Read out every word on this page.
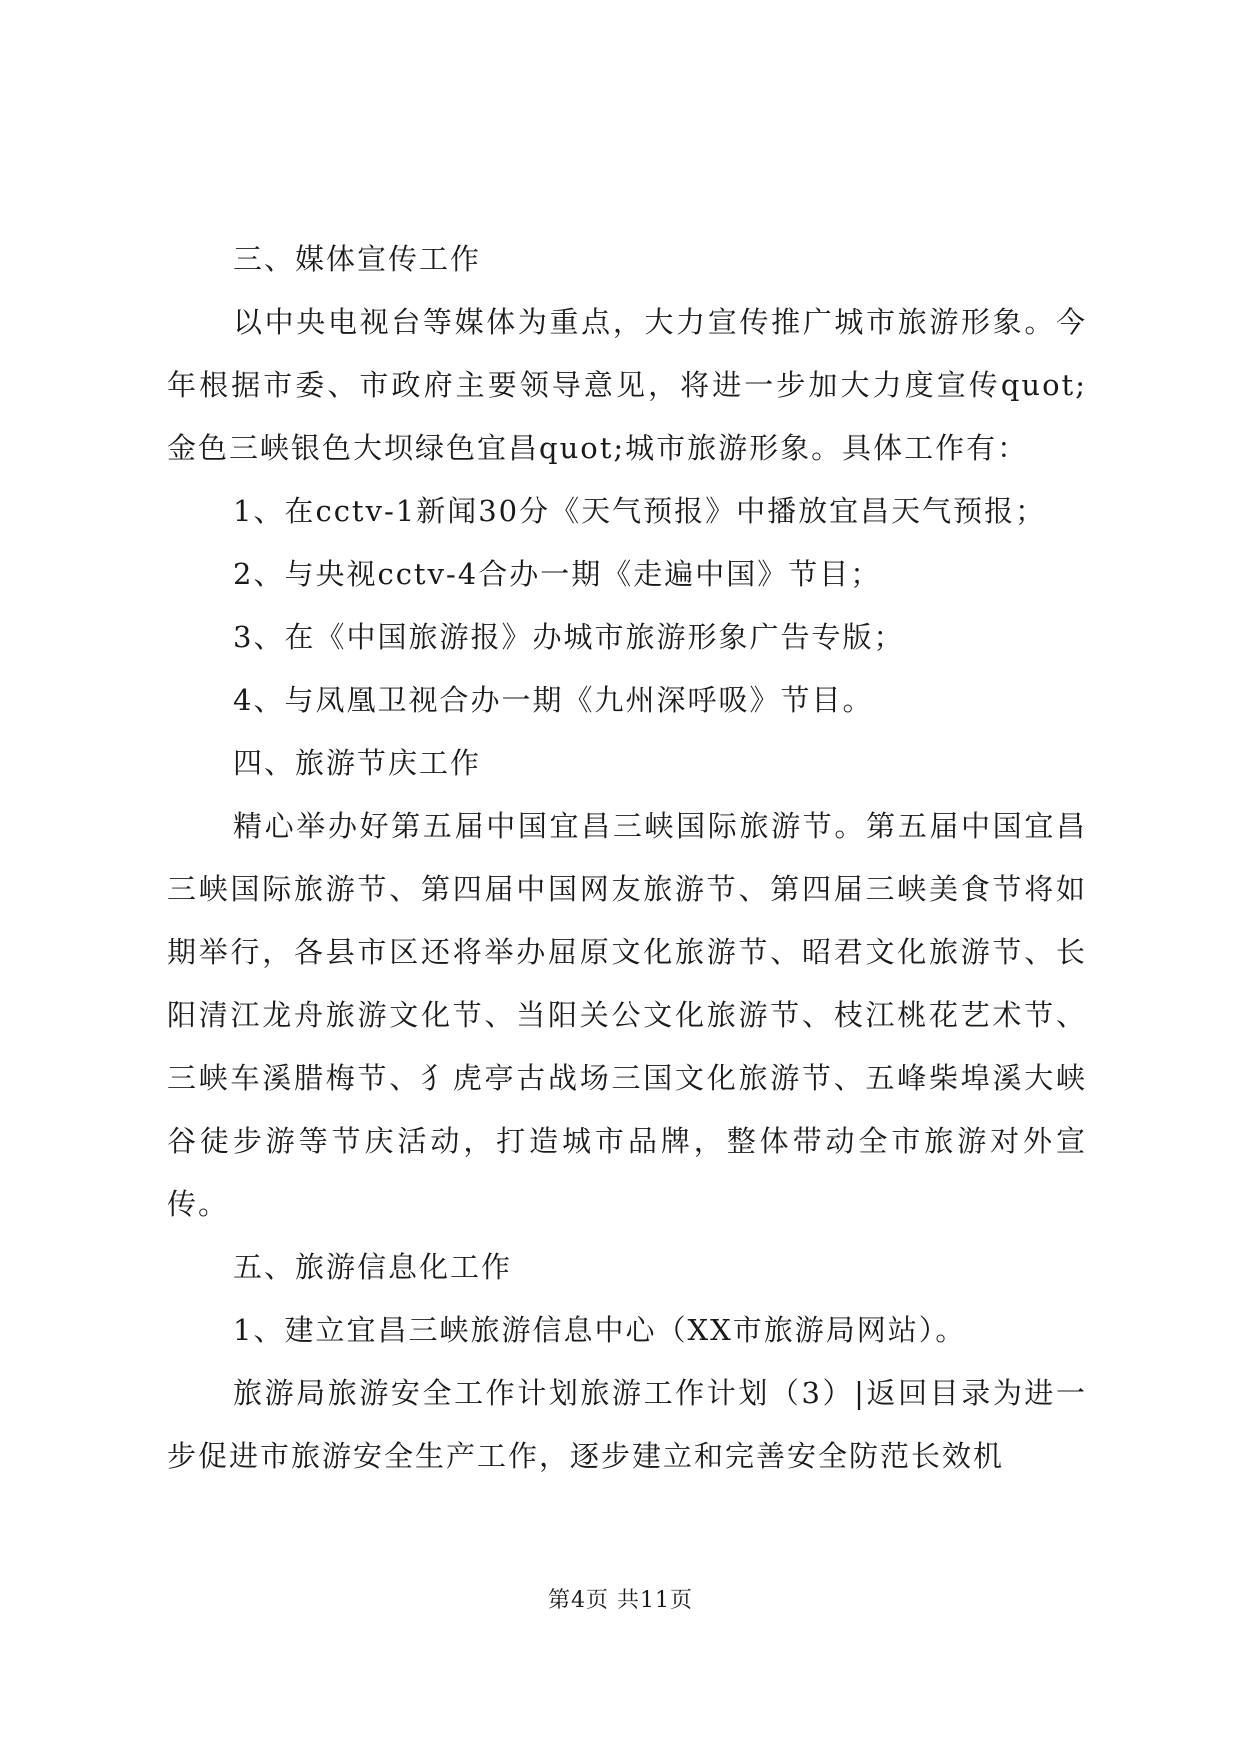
三、媒体宣传工作

以中央电视台等媒体为重点，大力宣传推广城市旅游形象。今年根据市委、市政府主要领导意见，将进一步加大力度宣传quot;金色三峡银色大坝绿色宜昌quot;城市旅游形象。具体工作有：

1、在cctv-1新闻30分《天气预报》中播放宜昌天气预报；

2、与央视cctv-4合办一期《走遍中国》节目；

3、在《中国旅游报》办城市旅游形象广告专版；

4、与凤凰卫视合办一期《九州深呼吸》节目。

四、旅游节庆工作

精心举办好第五届中国宜昌三峡国际旅游节。第五届中国宜昌三峡国际旅游节、第四届中国网友旅游节、第四届三峡美食节将如期举行，各县市区还将举办屈原文化旅游节、昭君文化旅游节、长阳清江龙舟旅游文化节、当阳关公文化旅游节、枝江桃花艺术节、三峡车溪腊梅节、犭虎亭古战场三国文化旅游节、五峰柴埠溪大峡谷徒步游等节庆活动，打造城市品牌，整体带动全市旅游对外宣传。

五、旅游信息化工作

1、建立宜昌三峡旅游信息中心（XX市旅游局网站）。

旅游局旅游安全工作计划旅游工作计划（3）|返回目录为进一步促进市旅游安全生产工作，逐步建立和完善安全防范长效机

第4页 共11页
